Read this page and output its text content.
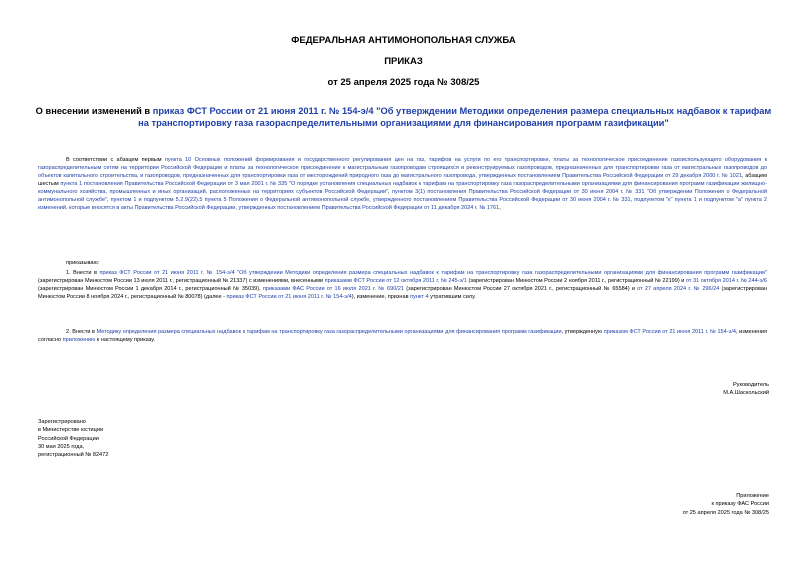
ФЕДЕРАЛЬНАЯ АНТИМОНОПОЛЬНАЯ СЛУЖБА
ПРИКАЗ
от 25 апреля 2025 года № 308/25
О внесении изменений в приказ ФСТ России от 21 июня 2011 г. № 154-э/4 "Об утверждении Методики определения размера специальных надбавок к тарифам на транспортировку газа газораспределительными организациями для финансирования программ газификации"
В соответствии с абзацем первым пункта 10 Основных положений формирования и государственного регулирования цен на газ, тарифов на услуги по его транспортировке, платы за технологическое присоединение газоиспользующего оборудования к газораспределительным сетям на территории Российской Федерации и платы за технологическое присоединение к магистральным газопроводам строящихся и реконструируемых газопроводов, предназначенных для транспортировки газа от магистральных газопроводов до объектов капитального строительства, и газопроводов, предназначенных для транспортировки газа от месторождений природного газа до магистрального газопровода, утвержденных постановлением Правительства Российской Федерации от 29 декабря 2000 г. № 1021, абзацем шестым пункта 1 постановления Правительства Российской Федерации от 3 мая 2001 г. № 335 "О порядке установления специальных надбавок к тарифам на транспортировку газа газораспределительными организациями для финансирования программ газификации жилищно-коммунального хозяйства, промышленных и иных организаций, расположенных на территориях субъектов Российской Федерации", пунктом 3(1) постановления Правительства Российской Федерации от 30 июня 2004 г. № 331 "Об утверждении Положения о Федеральной антимонопольной службе", пунктом 1 и подпунктом 5.2.9(22).5 пункта 5 Положения о Федеральной антимонопольной службе, утвержденного постановлением Правительства Российской Федерации от 30 июня 2004 г. № 331, подпунктом "к" пункта 1 и подпунктом "а" пункта 2 изменений, которые вносятся в акты Правительства Российской Федерации, утвержденных постановлением Правительства Российской Федерации от 11 декабря 2024 г. № 1761,
приказываю:
1. Внести в приказ ФСТ России от 21 июня 2011 г. № 154-э/4 "Об утверждении Методики определения размера специальных надбавок к тарифам на транспортировку газа газораспределительными организациями для финансирования программ газификации" (зарегистрирован Минюстом России 13 июля 2011 г., регистрационный № 21337) с изменениями, внесенными приказами ФСТ России от 12 октября 2011 г. № 245-э/1 (зарегистрирован Минюстом России 2 ноября 2011 г., регистрационный № 22199) и от 31 октября 2014 г. № 244-э/6 (зарегистрирован Минюстом России 1 декабря 2014 г., регистрационный № 35039), приказами ФАС России от 16 июля 2021 г. № 690/21 (зарегистрирован Минюстом России 27 октября 2021 г., регистрационный № 65584) и от 27 апреля 2024 г. № 296/24 (зарегистрирован Минюстом России 8 ноября 2024 г., регистрационный № 80078) (далее - приказ ФСТ России от 21 июня 2011 г. № 154-э/4), изменение, признав пункт 4 утратившим силу.
2. Внести в Методику определения размера специальных надбавок к тарифам на транспортировку газа газораспределительными организациями для финансирования программ газификации, утвержденную приказом ФСТ России от 21 июня 2011 г. № 154-э/4, изменения согласно приложению к настоящему приказу.
Руководитель
М.А.Шаскольский
Зарегистрировано
в Министерстве юстиции
Российской Федерации
30 мая 2025 года,
регистрационный № 82472
Приложение
к приказу ФАС России
от 25 апреля 2025 года № 308/25
